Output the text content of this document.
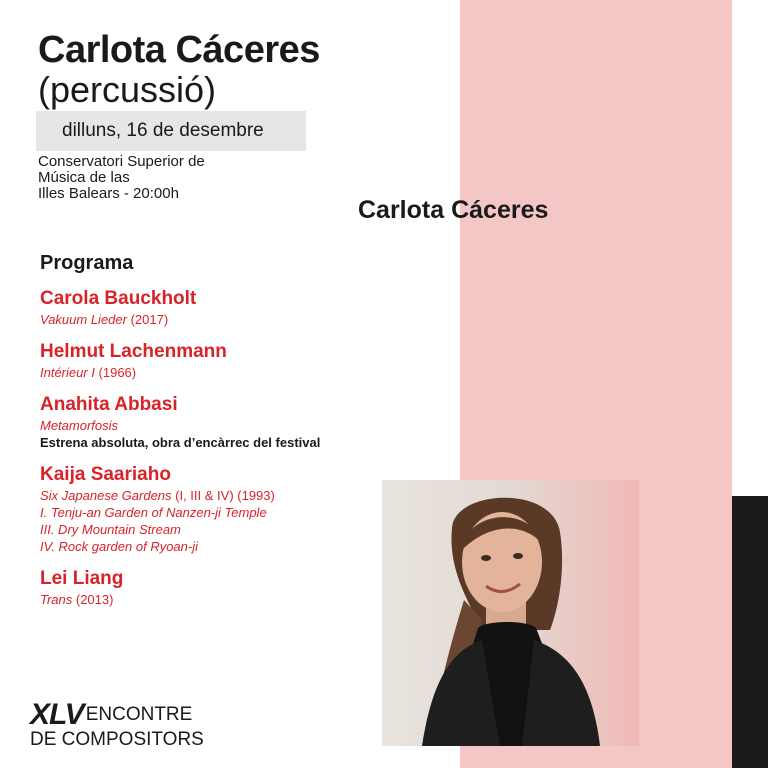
Carlota Cáceres
(percussió)
dilluns, 16 de desembre
Conservatori Superior de
Música de las
Illes Balears - 20:00h
Carlota Cáceres
Programa
Carola Bauckholt
Vakuum Lieder (2017)
Helmut Lachenmann
Intérieur I (1966)
Anahita Abbasi
Metamorfosis
Estrena absoluta, obra d’encàrrec del festival
Kaija Saariaho
Six Japanese Gardens (I, III & IV) (1993)
I. Tenju-an Garden of Nanzen-ji Temple
III. Dry Mountain Stream
IV. Rock garden of Ryoan-ji
Lei Liang
Trans (2013)
XLV ENCONTRE
DE COMPOSITORS
